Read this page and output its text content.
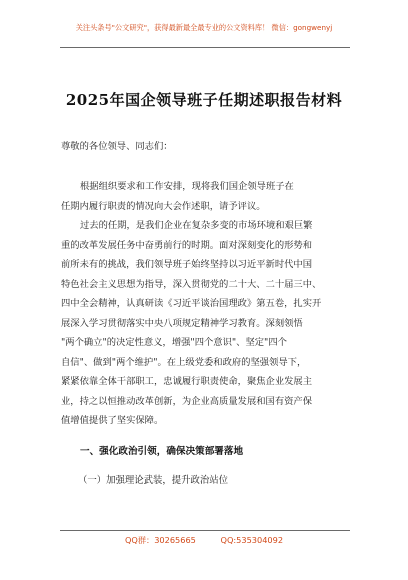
关注头条号"公文研究"，获得最新最全最专业的公文资料库！ 微信：gongwenyj
2025年国企领导班子任期述职报告材料
尊敬的各位领导、同志们：
根据组织要求和工作安排，现将我们国企领导班子在
任期内履行职责的情况向大会作述职，请予评议。
过去的任期，是我们企业在复杂多变的市场环境和艰巨繁
重的改革发展任务中奋勇前行的时期。面对深刻变化的形势和
前所未有的挑战，我们领导班子始终坚持以习近平新时代中国
特色社会主义思想为指导，深入贯彻党的二十大、二十届三中、
四中全会精神，认真研读《习近平谈治国理政》第五卷，扎实开
展深入学习贯彻落实中央八项规定精神学习教育。深刻领悟
"两个确立"的决定性意义，增强"四个意识"、坚定"四个
自信"、做到"两个维护"。在上级党委和政府的坚强领导下，
紧紧依靠全体干部职工，忠诚履行职责使命，聚焦企业发展主
业，持之以恒推动改革创新，为企业高质量发展和国有资产保
值增值提供了坚实保障。
一、强化政治引领，确保决策部署落地
（一）加强理论武装，提升政治站位
QQ群：30265665	QQ:535304092
